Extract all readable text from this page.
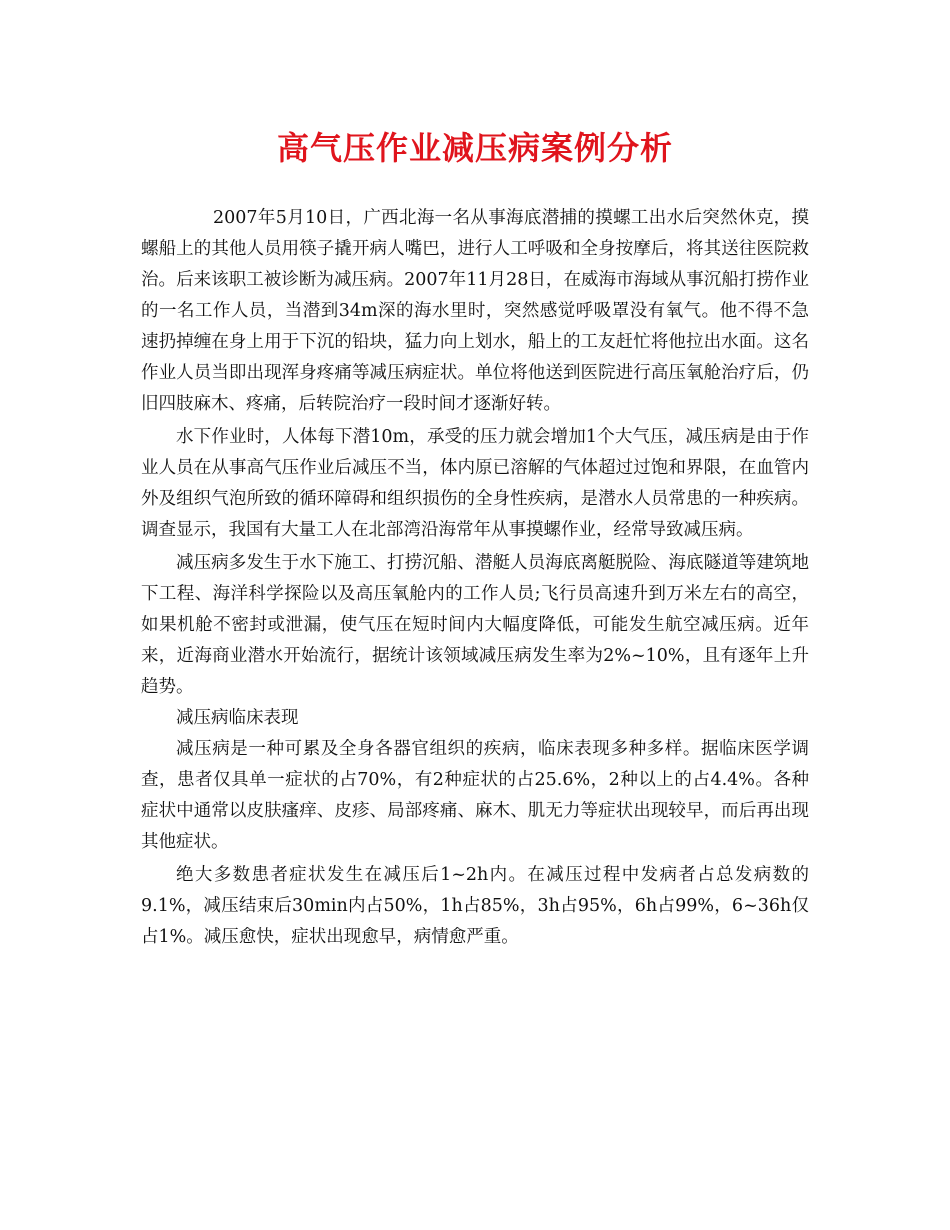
高气压作业减压病案例分析

2007年5月10日，广西北海一名从事海底潜捕的摸螺工出水后突然休克，摸螺船上的其他人员用筷子撬开病人嘴巴，进行人工呼吸和全身按摩后，将其送往医院救治。后来该职工被诊断为减压病。2007年11月28日，在威海市海域从事沉船打捞作业的一名工作人员，当潜到34m深的海水里时，突然感觉呼吸罩没有氧气。他不得不急速扔掉缠在身上用于下沉的铅块，猛力向上划水，船上的工友赶忙将他拉出水面。这名作业人员当即出现浑身疼痛等减压病症状。单位将他送到医院进行高压氧舱治疗后，仍旧四肢麻木、疼痛，后转院治疗一段时间才逐渐好转。

水下作业时，人体每下潜10m，承受的压力就会增加1个大气压，减压病是由于作业人员在从事高气压作业后减压不当，体内原已溶解的气体超过过饱和界限，在血管内外及组织气泡所致的循环障碍和组织损伤的全身性疾病，是潜水人员常患的一种疾病。调查显示，我国有大量工人在北部湾沿海常年从事摸螺作业，经常导致减压病。

减压病多发生于水下施工、打捞沉船、潜艇人员海底离艇脱险、海底隧道等建筑地下工程、海洋科学探险以及高压氧舱内的工作人员;飞行员高速升到万米左右的高空，如果机舱不密封或泄漏，使气压在短时间内大幅度降低，可能发生航空减压病。近年来，近海商业潜水开始流行，据统计该领域减压病发生率为2%~10%，且有逐年上升趋势。

减压病临床表现

减压病是一种可累及全身各器官组织的疾病，临床表现多种多样。据临床医学调查，患者仅具单一症状的占70%，有2种症状的占25.6%，2种以上的占4.4%。各种症状中通常以皮肤瘙痒、皮疹、局部疼痛、麻木、肌无力等症状出现较早，而后再出现其他症状。

绝大多数患者症状发生在减压后1~2h内。在减压过程中发病者占总发病数的9.1%，减压结束后30min内占50%，1h占85%，3h占95%，6h占99%，6~36h仅占1%。减压愈快，症状出现愈早，病情愈严重。
